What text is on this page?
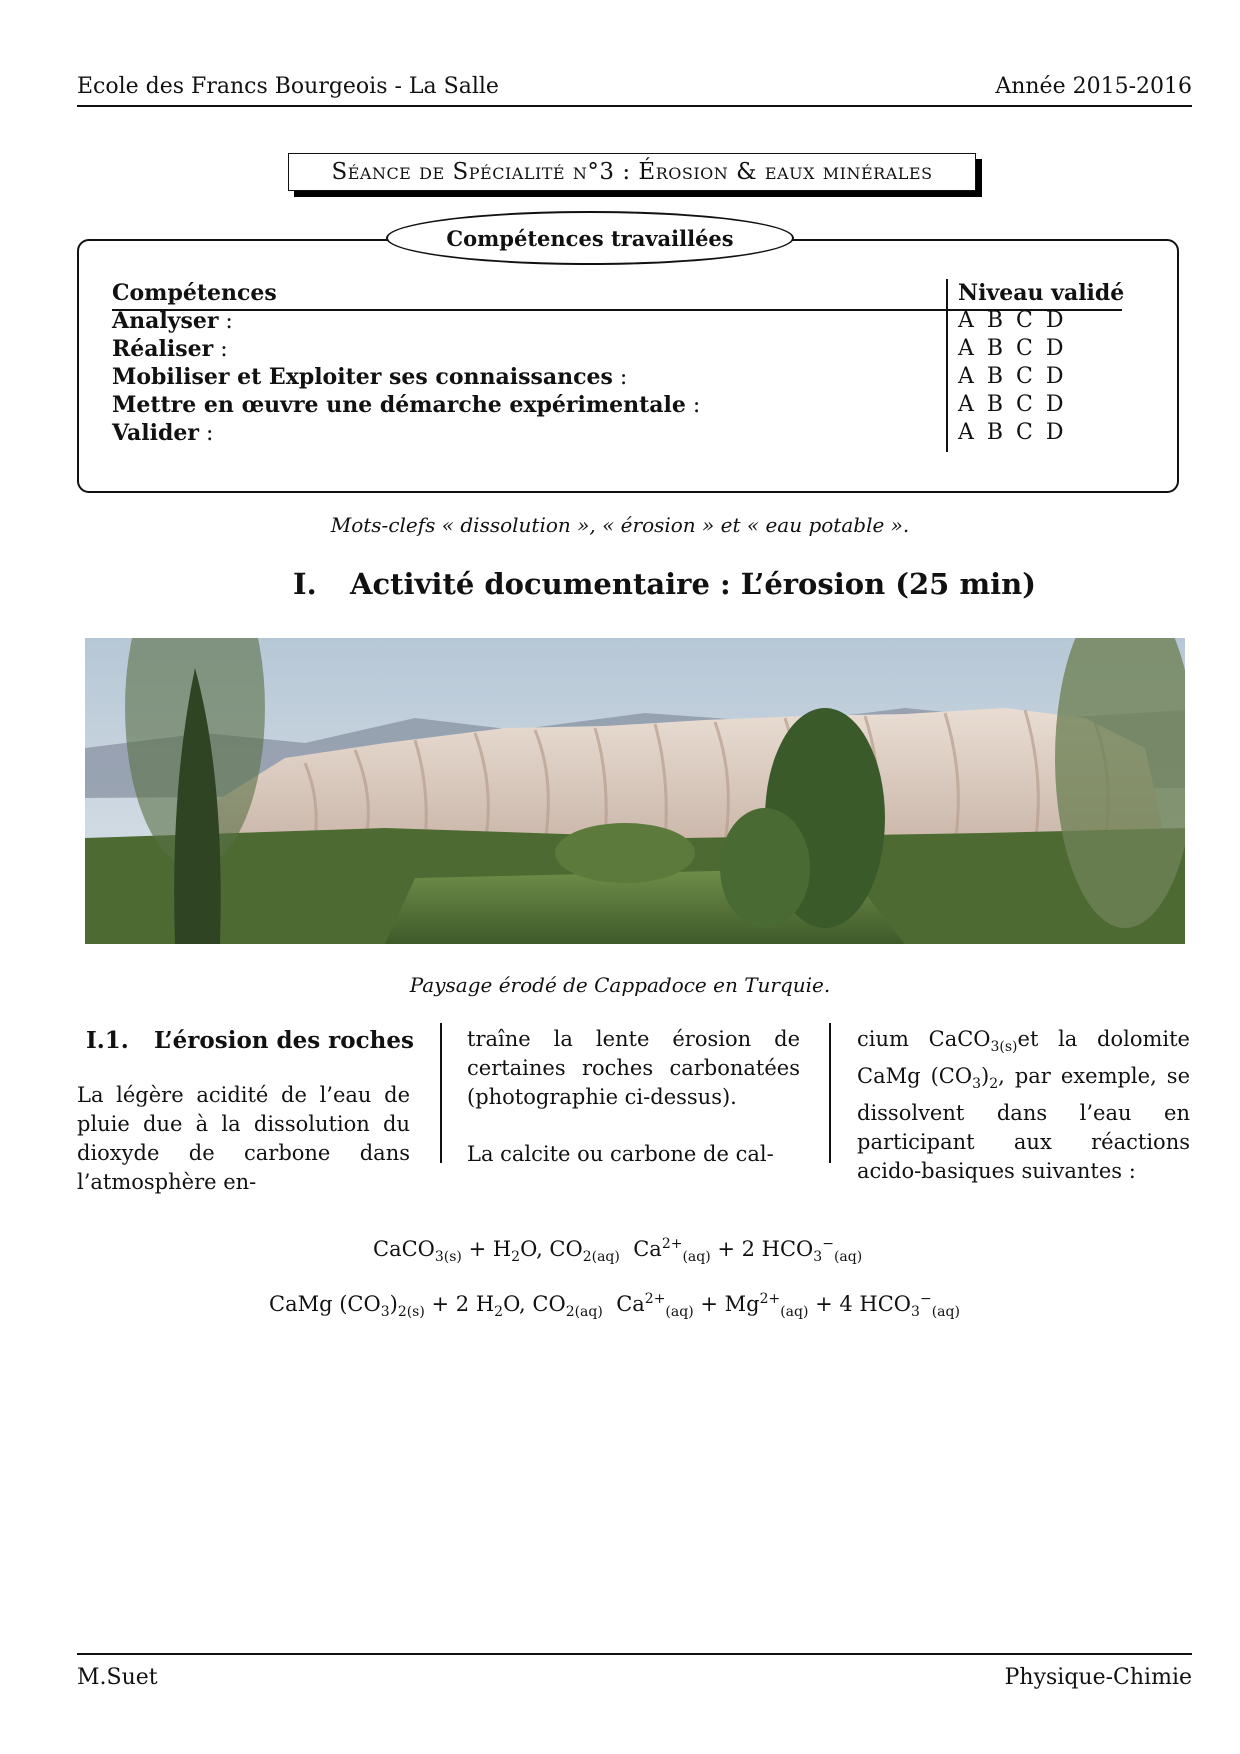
Ecole des Francs Bourgeois - La Salle	Année 2015-2016
Séance de Spécialité n°3 : Érosion & eaux minérales
Compétences travaillées
Compétences	Niveau validé
Analyser :	A B C D
Réaliser :	A B C D
Mobiliser et Exploiter ses connaissances :	A B C D
Mettre en œuvre une démarche expérimentale :	A B C D
Valider :	A B C D
Mots-clefs « dissolution », « érosion » et « eau potable ».
I. Activité documentaire : L’érosion (25 min)
Paysage érodé de Cappadoce en Turquie.
I.1. L’érosion des roches
La légère acidité de l’eau de pluie due à la dissolution du dioxyde de carbone dans l’atmosphère en-
traîne la lente érosion de certaines roches carbonatées (photographie ci-dessus).
La calcite ou carbone de cal-
cium CaCO$_{3(s)}$et la dolomite CaMg $(CO_3)_2$, par exemple, se dissolvent dans l’eau en participant aux réactions acido-basiques suivantes :
CaCO$_{3(s)}$ + $H_2O$, $CO_{2(aq)}$ $Ca^{2+}_{(aq)} + 2$ $HCO_3^-_{(aq)}$
CaMg $(CO_3)_{2(s)} + 2$ $H_2O$, $CO_{2(aq)}$ $Ca^{2+}_{(aq)} + Mg^{2+}_{(aq)} + 4$ $HCO_3^-_{(aq)}$
M.Suet	Physique-Chimie
